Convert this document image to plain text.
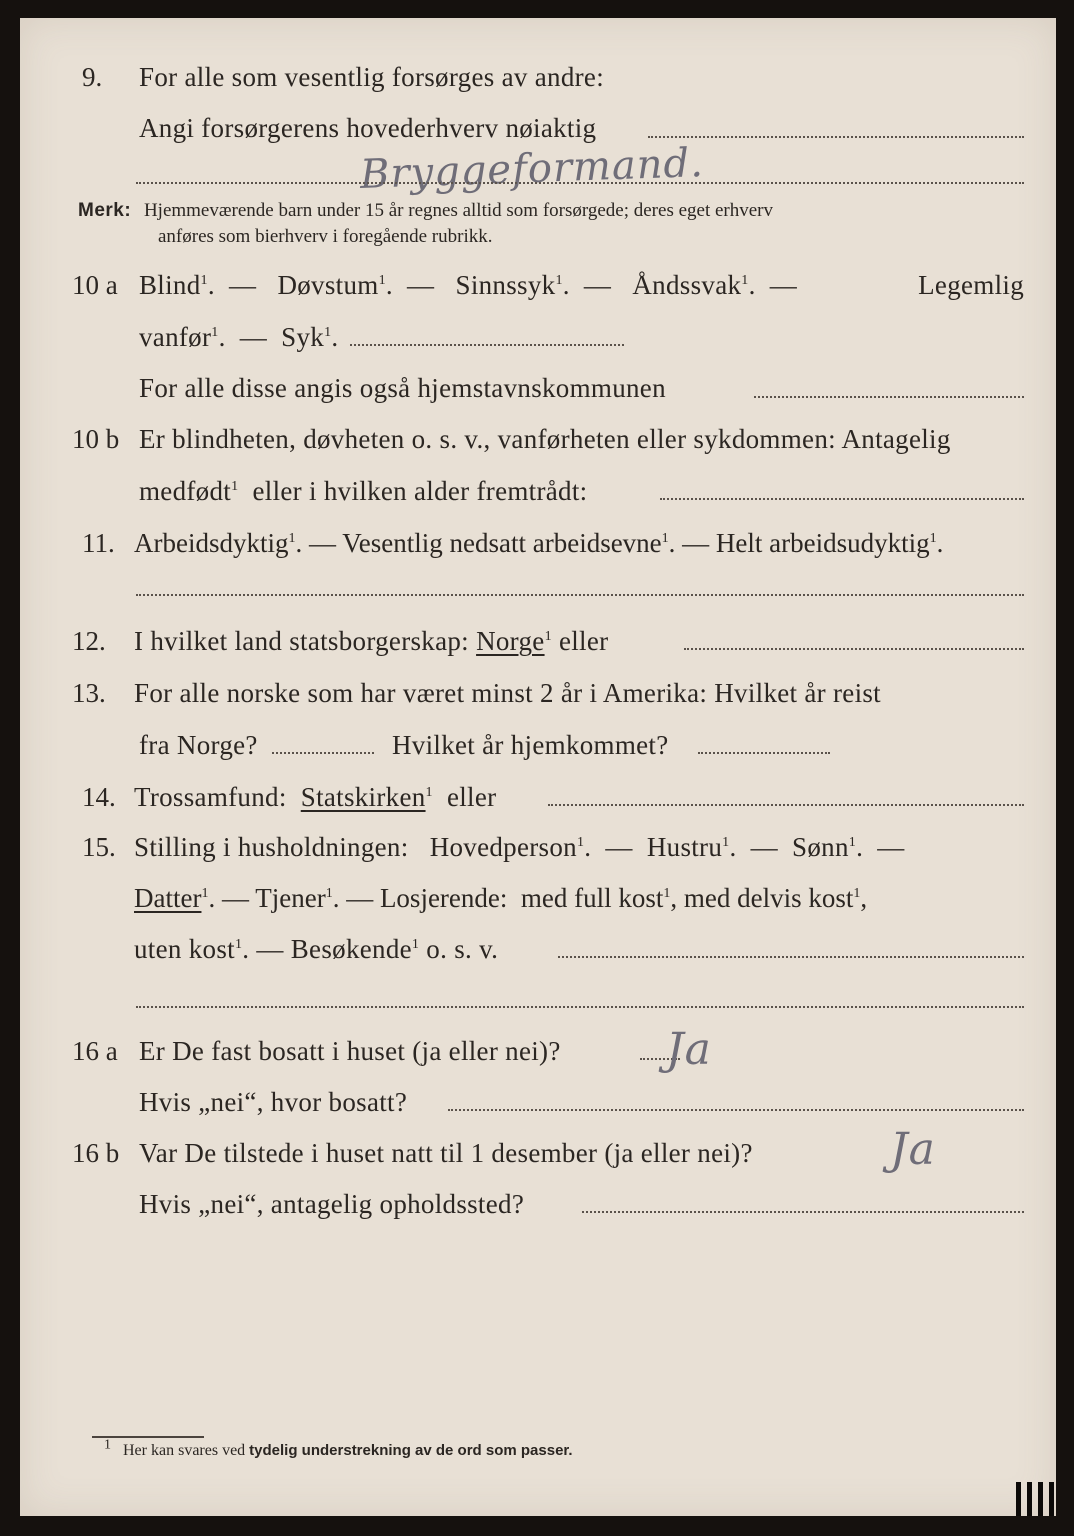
9. For alle som vesentlig forsørges av andre:
Angi forsørgerens hovederhverv nøiaktig
Bryggeformand.
Merk: Hjemmeværende barn under 15 år regnes alltid som forsørgede; deres eget erhverv
anføres som bierhverv i foregående rubrikk.
10 a Blind$^1$.  — Døvstum$^1$.  — Sinnssyk$^1$.  — Åndssvak$^1$.  —	Legemlig
vanfør$^1$.  — Syk$^1$.
For alle disse angis også hjemstavnskommunen
10 b Er blindheten, døvheten o. s. v., vanførheten eller sykdommen: Antagelig
medfødt$^1$ eller i hvilken alder fremtrådt:
11. Arbeidsdyktig$^1$. — Vesentlig nedsatt arbeidsevne$^1$. — Helt arbeidsudyktig$^1$.
12. I hvilket land statsborgerskap: Norge$^1$ eller
13. For alle norske som har været minst 2 år i Amerika: Hvilket år reist
fra Norge?	Hvilket år hjemkommet?
14. Trossamfund: Statskirken$^1$ eller
15. Stilling i husholdningen: Hovedperson$^1$.  — Hustru$^1$.  — Sønn$^1$.  —
Datter$^1$. — Tjener$^1$. — Losjerende: med full kost$^1$, med delvis kost$^1$,
uten kost$^1$. — Besøkende$^1$ o. s. v.
16 a Er De fast bosatt i huset (ja eller nei)? Ja
Hvis „nei“, hvor bosatt?
16 b Var De tilstede i huset natt til 1 desember (ja eller nei)?	Ja
Hvis „nei“, antagelig opholdssted?
$^1$ Her kan svares ved tydelig understrekning av de ord som passer.
